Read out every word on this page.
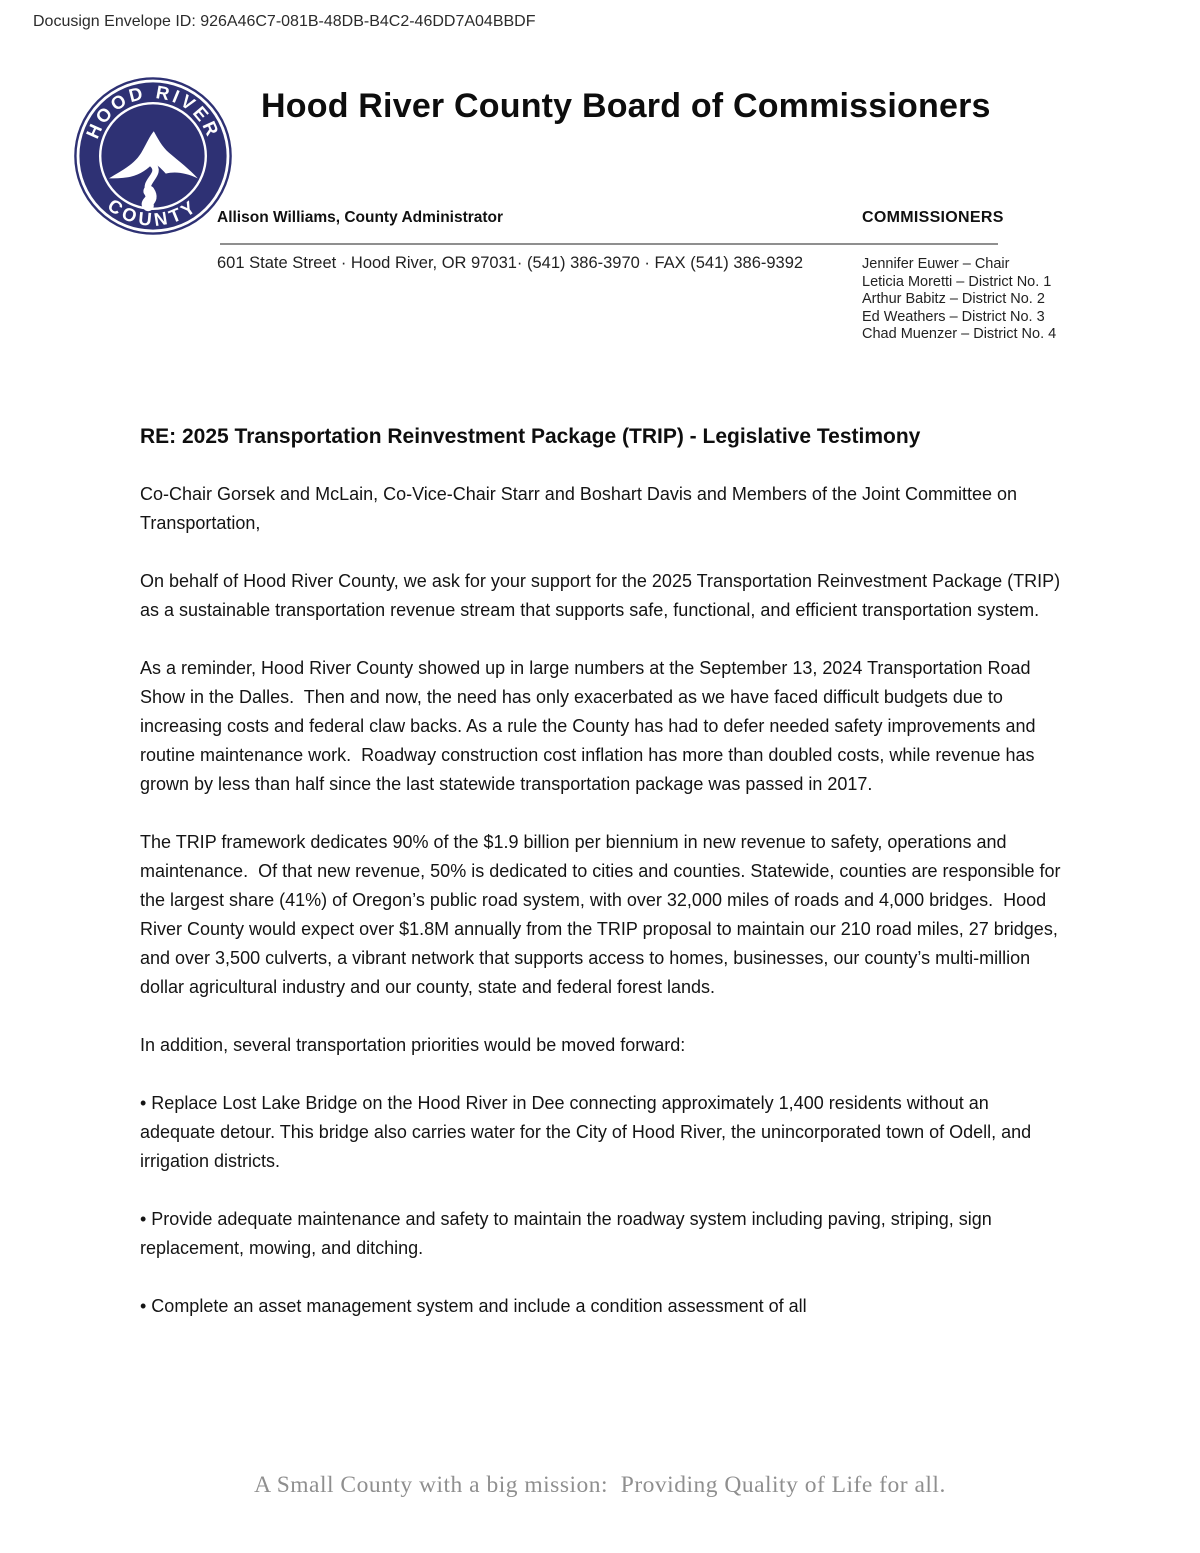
Docusign Envelope ID: 926A46C7-081B-48DB-B4C2-46DD7A04BBDF
HOOD RIVER
COUNTY
Hood River County Board of Commissioners
Allison Williams, County Administrator	COMMISSIONERS
601 State Street · Hood River, OR 97031· (541) 386-3970 · FAX (541) 386-9392	Jennifer Euwer – Chair
Leticia Moretti – District No. 1
Arthur Babitz – District No. 2
Ed Weathers – District No. 3
Chad Muenzer – District No. 4
RE: 2025 Transportation Reinvestment Package (TRIP) - Legislative Testimony

Co-Chair Gorsek and McLain, Co-Vice-Chair Starr and Boshart Davis and Members of the Joint Committee on Transportation,

On behalf of Hood River County, we ask for your support for the 2025 Transportation Reinvestment Package (TRIP) as a sustainable transportation revenue stream that supports safe, functional, and efficient transportation system.

As a reminder, Hood River County showed up in large numbers at the September 13, 2024 Transportation Road Show in the Dalles.  Then and now, the need has only exacerbated as we have faced difficult budgets due to increasing costs and federal claw backs. As a rule the County has had to defer needed safety improvements and routine maintenance work.  Roadway construction cost inflation has more than doubled costs, while revenue has grown by less than half since the last statewide transportation package was passed in 2017.

The TRIP framework dedicates 90% of the $1.9 billion per biennium in new revenue to safety, operations and maintenance.  Of that new revenue, 50% is dedicated to cities and counties. Statewide, counties are responsible for the largest share (41%) of Oregon’s public road system, with over 32,000 miles of roads and 4,000 bridges.  Hood River County would expect over $1.8M annually from the TRIP proposal to maintain our 210 road miles, 27 bridges, and over 3,500 culverts, a vibrant network that supports access to homes, businesses, our county’s multi-million dollar agricultural industry and our county, state and federal forest lands.

In addition, several transportation priorities would be moved forward:

• Replace Lost Lake Bridge on the Hood River in Dee connecting approximately 1,400 residents without an adequate detour. This bridge also carries water for the City of Hood River, the unincorporated town of Odell, and irrigation districts.

• Provide adequate maintenance and safety to maintain the roadway system including paving, striping, sign replacement, mowing, and ditching.

• Complete an asset management system and include a condition assessment of all

A Small County with a big mission:  Providing Quality of Life for all.
